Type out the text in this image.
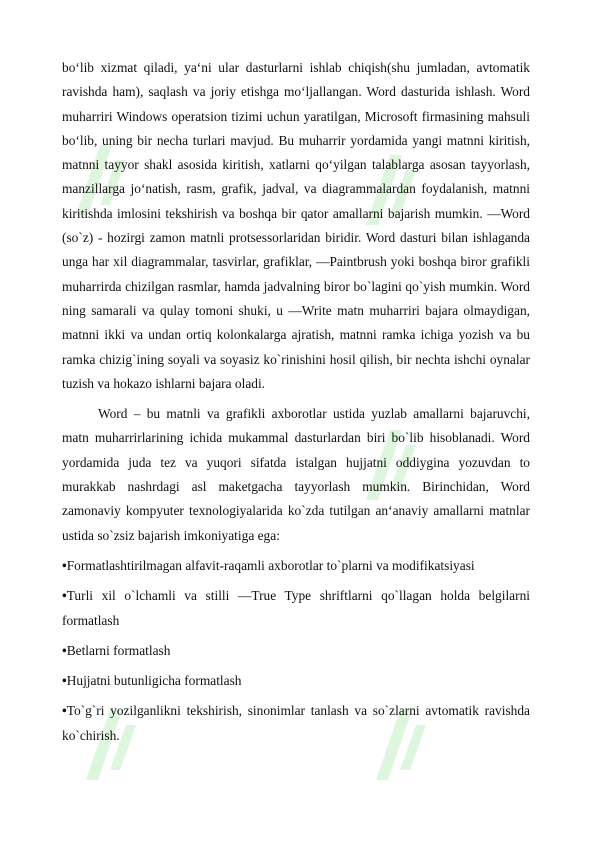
bo‘lib xizmat qiladi, ya‘ni ular dasturlarni ishlab chiqish(shu jumladan, avtomatik ravishda ham), saqlash va joriy etishga mo‘ljallangan. Word dasturida ishlash. Word muharriri Windows operatsion tizimi uchun yaratilgan, Microsoft firmasining mahsuli bo‘lib, uning bir necha turlari mavjud. Bu muharrir yordamida yangi matnni kiritish, matnni tayyor shakl asosida kiritish, xatlarni qo‘yilgan talablarga asosan tayyorlash, manzillarga jo‘natish, rasm, grafik, jadval, va diagrammalardan foydalanish, matnni kiritishda imlosini tekshirish va boshqa bir qator amallarni bajarish mumkin. ―Word (so`z) - hozirgi zamon matnli protsessorlaridan biridir. Word dasturi bilan ishlaganda unga har xil diagrammalar, tasvirlar, grafiklar, ―Paintbrush yoki boshqa biror grafikli muharrirda chizilgan rasmlar, hamda jadvalning biror bo`lagini qo`yish mumkin. Word ning samarali va qulay tomoni shuki, u ―Write matn muharriri bajara olmaydigan, matnni ikki va undan ortiq kolonkalarga ajratish, matnni ramka ichiga yozish va bu ramka chizig`ining soyali va soyasiz ko`rinishini hosil qilish, bir nechta ishchi oynalar tuzish va hokazo ishlarni bajara oladi.

Word – bu matnli va grafikli axborotlar ustida yuzlab amallarni bajaruvchi, matn muharrirlarining ichida mukammal dasturlardan biri bo`lib hisoblanadi. Word yordamida juda tez va yuqori sifatda istalgan hujjatni oddiygina yozuvdan to murakkab nashrdagi asl maketgacha tayyorlash mumkin. Birinchidan, Word zamonaviy kompyuter texnologiyalarida ko`zda tutilgan an‘anaviy amallarni matnlar ustida so`zsiz bajarish imkoniyatiga ega:

•Formatlashtirilmagan alfavit-raqamli axborotlar to`plarni va modifikatsiyasi

•Turli xil o`lchamli va stilli ―True Type shriftlarni qo`llagan holda belgilarni formatlash

•Betlarni formatlash

•Hujjatni butunligicha formatlash

•To`g`ri yozilganlikni tekshirish, sinonimlar tanlash va so`zlarni avtomatik ravishda ko`chirish.
